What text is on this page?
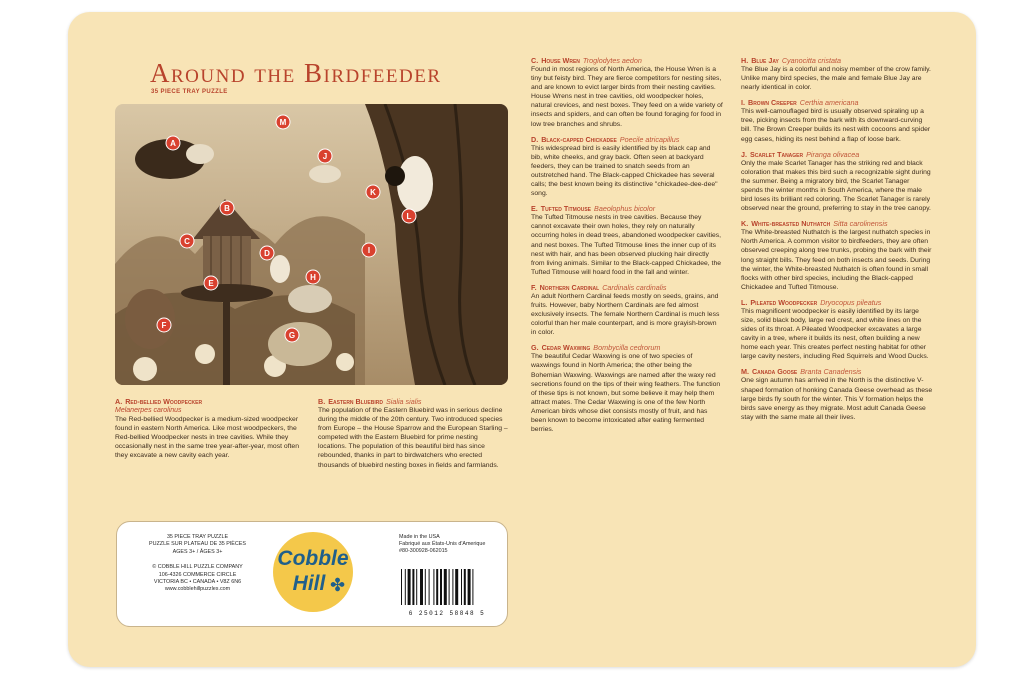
Around the Birdfeeder
35 PIECE TRAY PUZZLE
A
B
C
D
E
F
G
H
I
J
K
L
M
A. Red-bellied Woodpecker
Melanerpes carolinus

The Red-bellied Woodpecker is a medium-sized woodpecker found in eastern North America. Like most woodpeckers, the Red-bellied Woodpecker nests in tree cavities. While they occasionally nest in the same tree year-after-year, most often they excavate a new cavity each year.

B. Eastern Bluebird Sialia sialis

The population of the Eastern Bluebird was in serious decline during the middle of the 20th century. Two introduced species from Europe – the House Sparrow and the European Starling – competed with the Eastern Bluebird for prime nesting locations. The population of this beautiful bird has since rebounded, thanks in part to birdwatchers who erected thousands of bluebird nesting boxes in fields and farmlands.

C. House Wren Troglodytes aedon

Found in most regions of North America, the House Wren is a tiny but feisty bird. They are fierce competitors for nesting sites, and are known to evict larger birds from their nesting cavities. House Wrens nest in tree cavities, old woodpecker holes, natural crevices, and nest boxes. They feed on a wide variety of insects and spiders, and can often be found foraging for food in low tree branches and shrubs.

D. Black-capped Chickadee Poecile atricapillus

This widespread bird is easily identified by its black cap and bib, white cheeks, and gray back. Often seen at backyard feeders, they can be trained to snatch seeds from an outstretched hand. The Black-capped Chickadee has several calls; the best known being its distinctive "chickadee-dee-dee" song.

E. Tufted Titmouse Baeolophus bicolor

The Tufted Titmouse nests in tree cavities. Because they cannot excavate their own holes, they rely on naturally occurring holes in dead trees, abandoned woodpecker cavities, and nest boxes. The Tufted Titmouse lines the inner cup of its nest with hair, and has been observed plucking hair directly from living animals. Similar to the Black-capped Chickadee, the Tufted Titmouse will hoard food in the fall and winter.

F. Northern Cardinal Cardinalis cardinalis

An adult Northern Cardinal feeds mostly on seeds, grains, and fruits. However, baby Northern Cardinals are fed almost exclusively insects. The female Northern Cardinal is much less colorful than her male counterpart, and is more grayish-brown in color.

G. Cedar Waxwing Bombycilla cedrorum

The beautiful Cedar Waxwing is one of two species of waxwings found in North America; the other being the Bohemian Waxwing. Waxwings are named after the waxy red secretions found on the tips of their wing feathers. The function of these tips is not known, but some believe it may help them attract mates. The Cedar Waxwing is one of the few North American birds whose diet consists mostly of fruit, and has been known to become intoxicated after eating fermented berries.

H. Blue Jay Cyanocitta cristata

The Blue Jay is a colorful and noisy member of the crow family. Unlike many bird species, the male and female Blue Jay are nearly identical in color.

I. Brown Creeper Certhia americana

This well-camouflaged bird is usually observed spiraling up a tree, picking insects from the bark with its downward-curving bill. The Brown Creeper builds its nest with cocoons and spider egg cases, hiding its nest behind a flap of loose bark.

J. Scarlet Tanager Piranga olivacea

Only the male Scarlet Tanager has the striking red and black coloration that makes this bird such a recognizable sight during the summer. Being a migratory bird, the Scarlet Tanager spends the winter months in South America, where the male bird loses its brilliant red coloring. The Scarlet Tanager is rarely observed near the ground, preferring to stay in the tree canopy.

K. White-breasted Nuthatch Sitta carolinensis

The White-breasted Nuthatch is the largest nuthatch species in North America. A common visitor to birdfeeders, they are often observed creeping along tree trunks, probing the bark with their long straight bills. They feed on both insects and seeds. During the winter, the White-breasted Nuthatch is often found in small flocks with other bird species, including the Black-capped Chickadee and Tufted Titmouse.

L. Pileated Woodpecker Dryocopus pileatus

This magnificent woodpecker is easily identified by its large size, solid black body, large red crest, and white lines on the sides of its throat. A Pileated Woodpecker excavates a large cavity in a tree, where it builds its nest, often building a new home each year. This creates perfect nesting habitat for other large cavity nesters, including Red Squirrels and Wood Ducks.

M. Canada Goose Branta Canadensis

One sign autumn has arrived in the North is the distinctive V-shaped formation of honking Canada Geese overhead as these large birds fly south for the winter. This V formation helps the birds save energy as they migrate. Most adult Canada Geese stay with the same mate all their lives.

35 PIECE TRAY PUZZLE
PUZZLE SUR PLATEAU DE 35 PIÈCES
AGES 3+ / ÂGES 3+
© COBBLE HILL PUZZLE COMPANY
106-4326 COMMERCE CIRCLE
VICTORIA BC • CANADA • V8Z 6N6
www.cobblehillpuzzles.com
Cobble
Hill ✤
Made in the USA
Fabriqué aux États-Unis d'Amerique
#80-300928-062015
6 25012 58848 5
